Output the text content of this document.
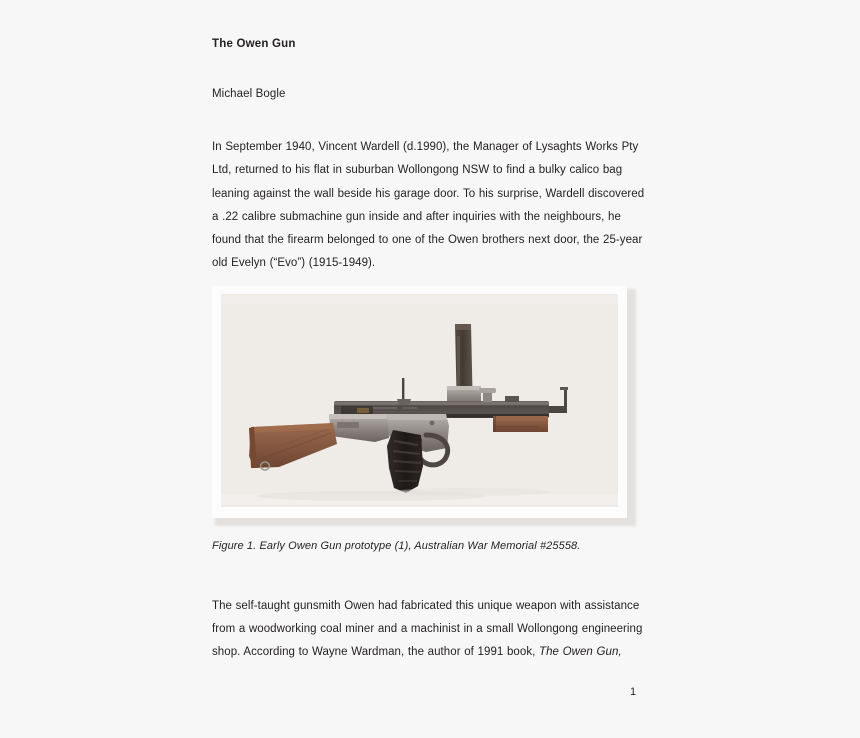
The Owen Gun

Michael Bogle

In September 1940, Vincent Wardell (d.1990), the Manager of Lysaghts Works Pty Ltd, returned to his flat in suburban Wollongong NSW to find a bulky calico bag leaning against the wall beside his garage door. To his surprise, Wardell discovered a .22 calibre submachine gun inside and after inquiries with the neighbours, he found that the firearm belonged to one of the Owen brothers next door, the 25-year old Evelyn (“Evo”) (1915-1949).

Figure 1. Early Owen Gun prototype (1), Australian War Memorial #25558.

The self-taught gunsmith Owen had fabricated this unique weapon with assistance from a woodworking coal miner and a machinist in a small Wollongong engineering shop. According to Wayne Wardman, the author of 1991 book, The Owen Gun,

1
